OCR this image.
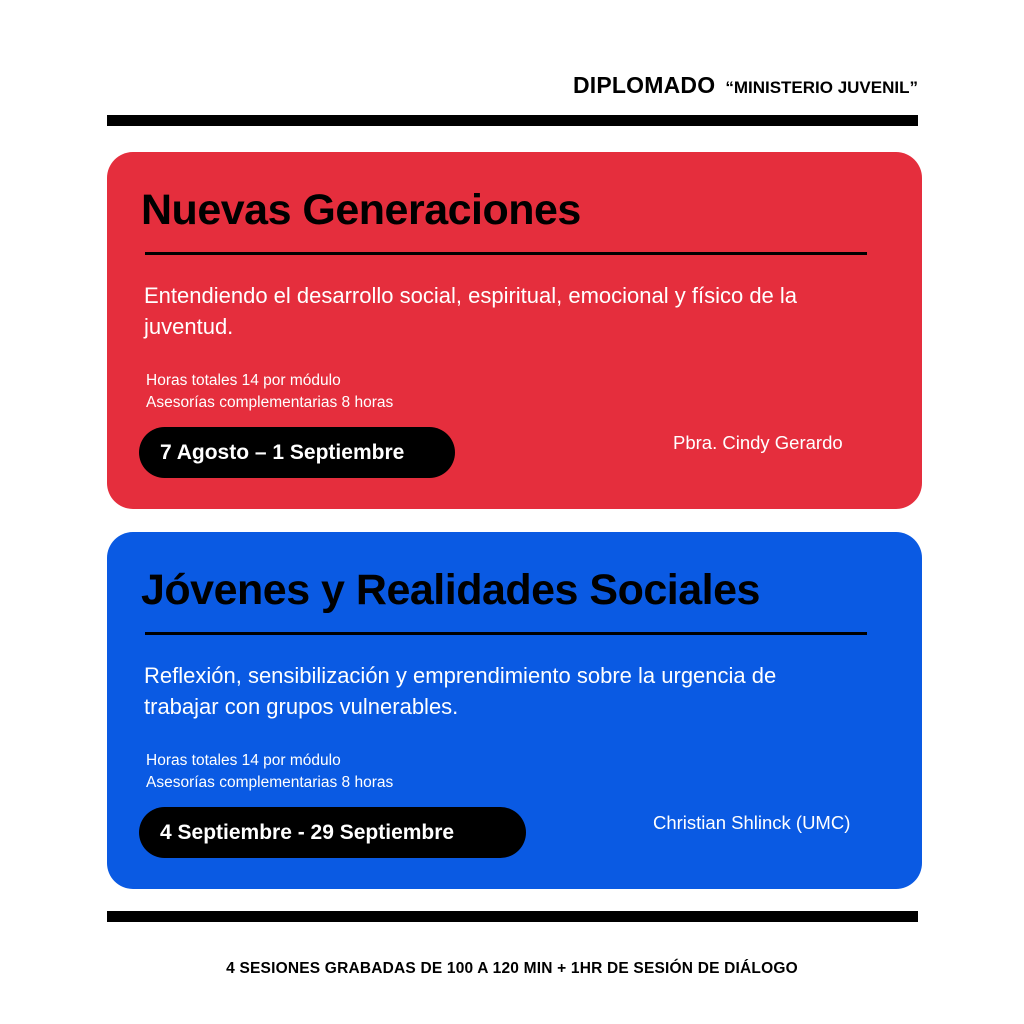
DIPLOMADO “MINISTERIO JUVENIL”
Nuevas Generaciones
Entendiendo el desarrollo social, espiritual, emocional y físico de la juventud.
Horas totales 14 por módulo
Asesorías complementarias 8 horas
7 Agosto – 1 Septiembre	Pbra. Cindy Gerardo
Jóvenes y Realidades Sociales
Reflexión, sensibilización y emprendimiento sobre la urgencia de trabajar con grupos vulnerables.
Horas totales 14 por módulo
Asesorías complementarias 8 horas
4 Septiembre - 29 Septiembre	Christian Shlinck (UMC)
4 SESIONES GRABADAS DE 100 A 120 MIN + 1HR DE SESIÓN DE DIÁLOGO
